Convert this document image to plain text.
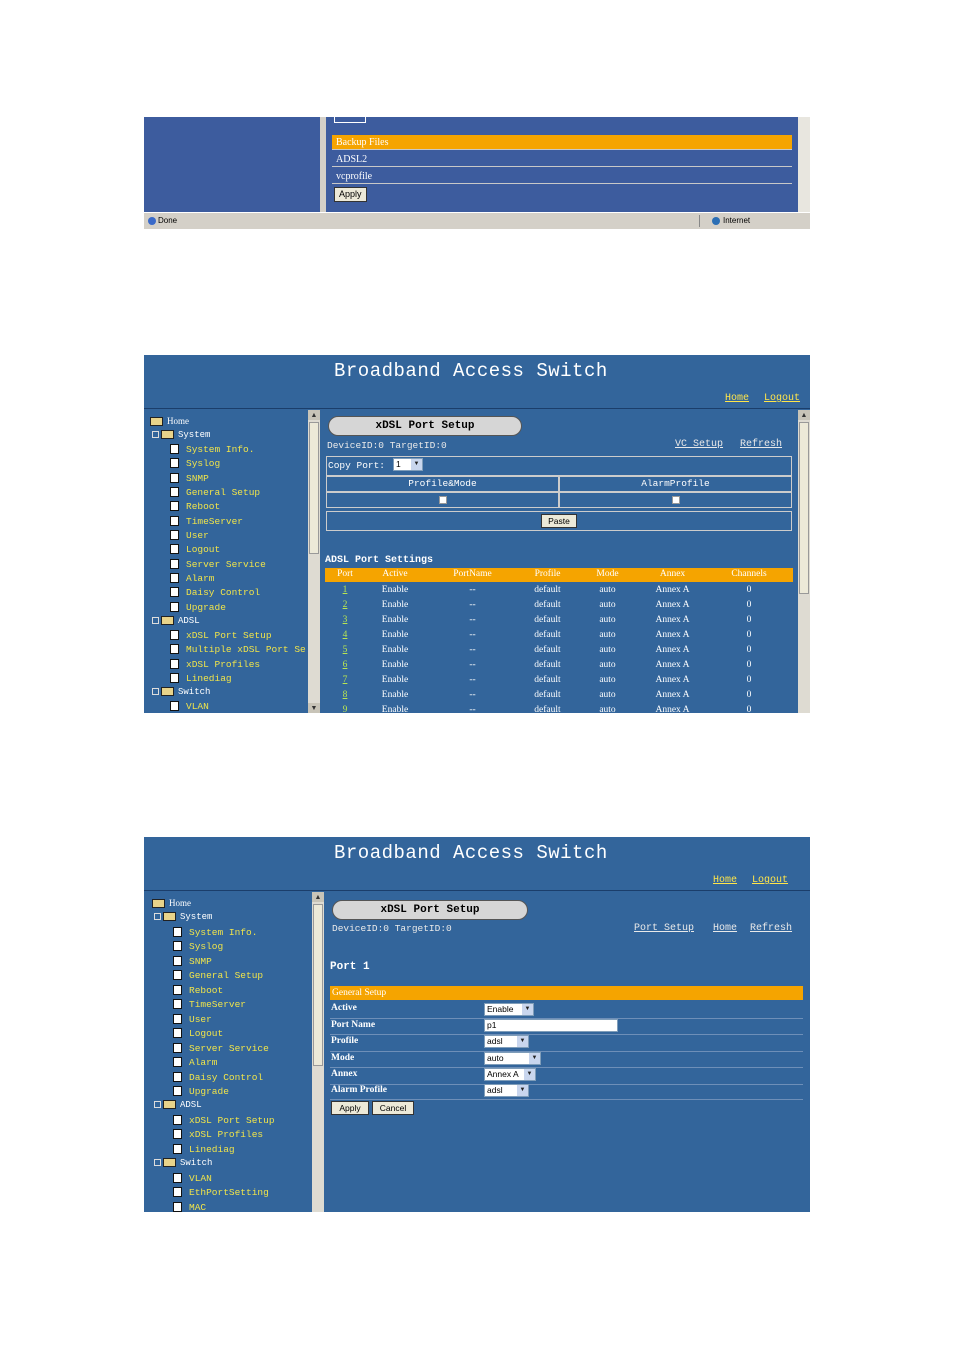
Backup Files
ADSL2
vcprofile
Apply
Done	Internet
Broadband Access Switch
Home Logout
Home
System
System Info.
Syslog
SNMP
General Setup
Reboot
TimeServer
User
Logout
Server Service
Alarm
Daisy Control
Upgrade
ADSL
xDSL Port Setup
Multiple xDSL Port Se
xDSL Profiles
Linediag
Switch
VLAN
▲
▼
▲
xDSL Port Setup
DeviceID:0 TargetID:0	VC Setup Refresh
Copy Port:	1	▼
Profile&Mode	AlarmProfile
Paste
ADSL Port Settings
Port	Active	PortName	Profile	Mode	Annex	Channels
1	Enable	--	default	auto	Annex A	0
2	Enable	--	default	auto	Annex A	0
3	Enable	--	default	auto	Annex A	0
4	Enable	--	default	auto	Annex A	0
5	Enable	--	default	auto	Annex A	0
6	Enable	--	default	auto	Annex A	0
7	Enable	--	default	auto	Annex A	0
8	Enable	--	default	auto	Annex A	0
9	Enable	--	default	auto	Annex A	0
Broadband Access Switch
Home Logout
Home
System
System Info.
Syslog
SNMP
General Setup
Reboot
TimeServer
User
Logout
Server Service
Alarm
Daisy Control
Upgrade
ADSL
xDSL Port Setup
xDSL Profiles
Linediag
Switch
VLAN
EthPortSetting
MAC
▲
xDSL Port Setup
DeviceID:0 TargetID:0	Port Setup Home Refresh
Port 1
General Setup
Active	Enable	▼
Port Name	p1
Profile	adsl	▼
Mode	auto	▼
Annex	Annex A	▼
Alarm Profile	adsl	▼
Apply	Cancel
